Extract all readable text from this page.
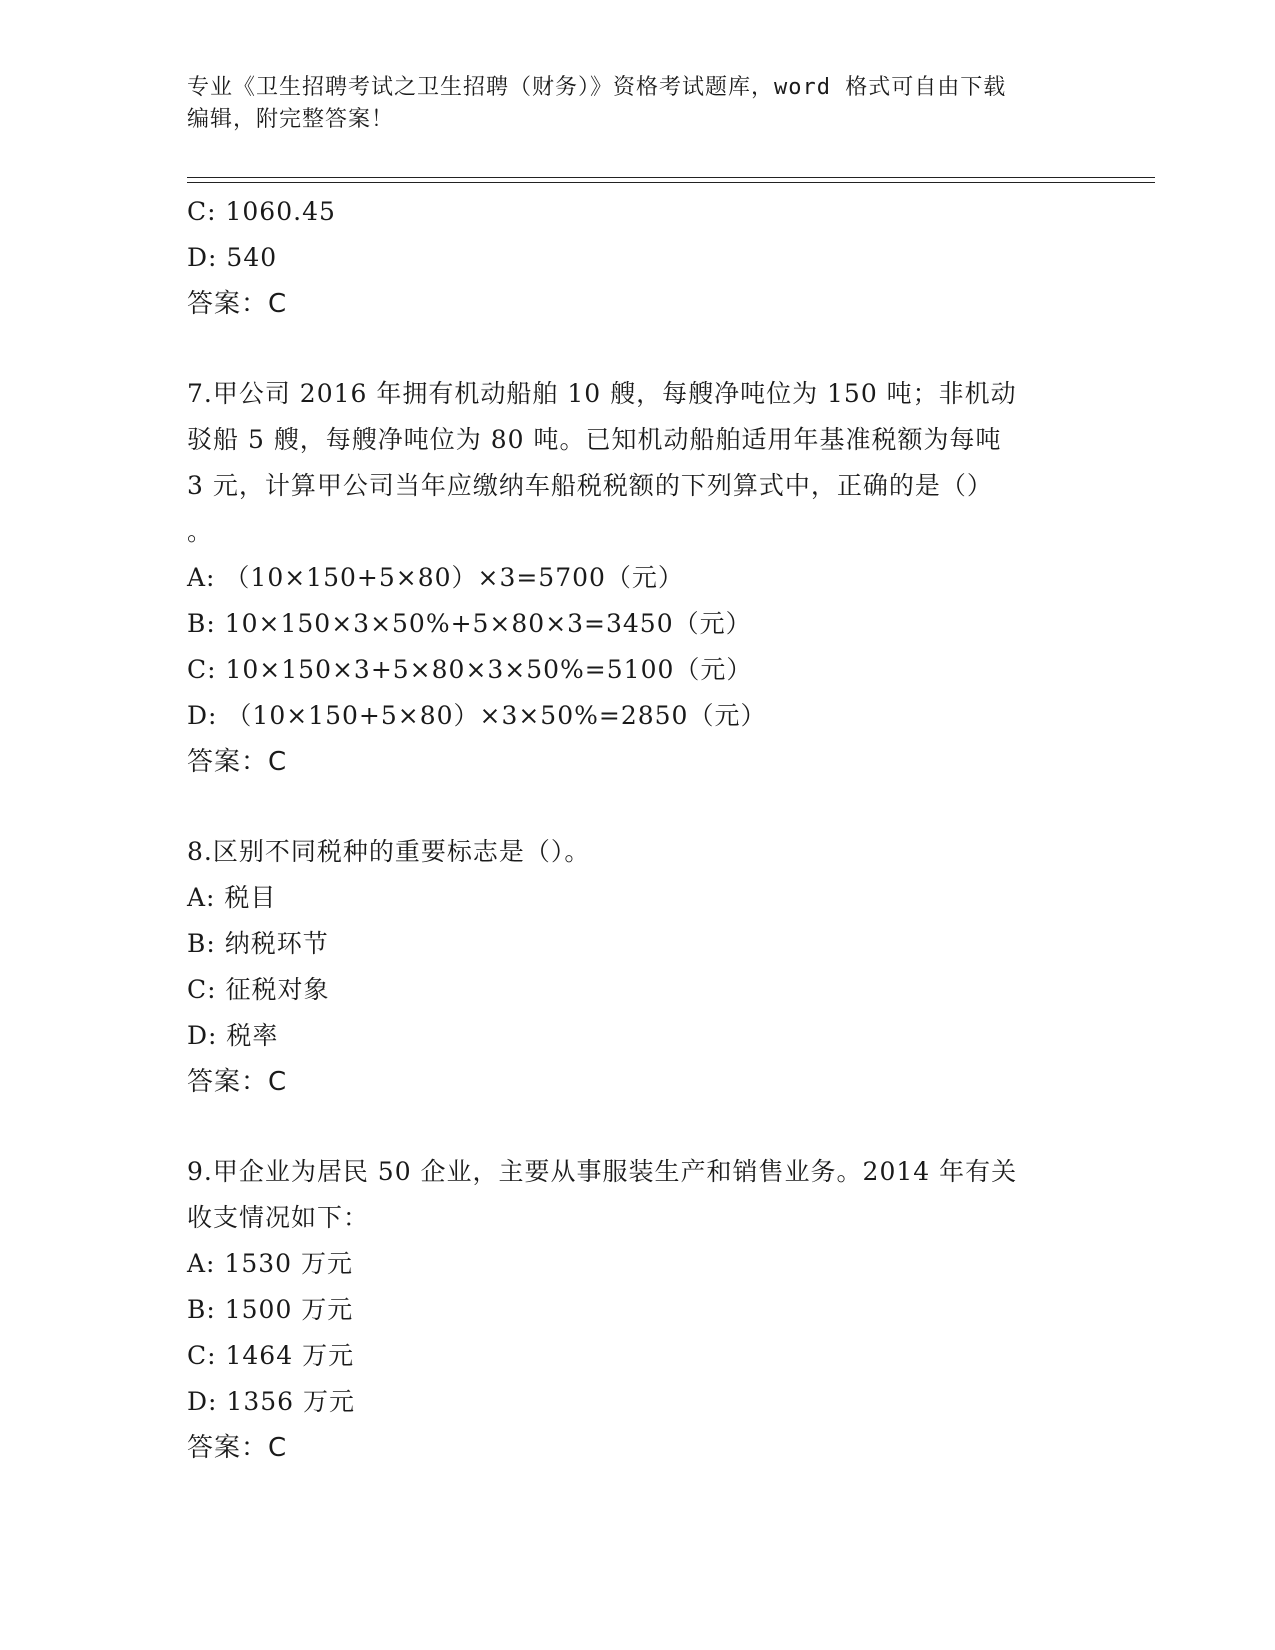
专业《卫生招聘考试之卫生招聘（财务）》资格考试题库，word 格式可自由下载
编辑，附完整答案！
C: 1060.45
D: 540
答案：C
7.甲公司 2016 年拥有机动船舶 10 艘，每艘净吨位为 150 吨；非机动
驳船 5 艘，每艘净吨位为 80 吨。已知机动船舶适用年基准税额为每吨
3 元，计算甲公司当年应缴纳车船税税额的下列算式中，正确的是（）
。
A: （10×150+5×80）×3=5700（元）
B: 10×150×3×50%+5×80×3=3450（元）
C: 10×150×3+5×80×3×50%=5100（元）
D: （10×150+5×80）×3×50%=2850（元）
答案：C
8.区别不同税种的重要标志是（）。
A: 税目
B: 纳税环节
C: 征税对象
D: 税率
答案：C
9.甲企业为居民 50 企业，主要从事服装生产和销售业务。2014 年有关
收支情况如下：
A: 1530 万元
B: 1500 万元
C: 1464 万元
D: 1356 万元
答案：C
